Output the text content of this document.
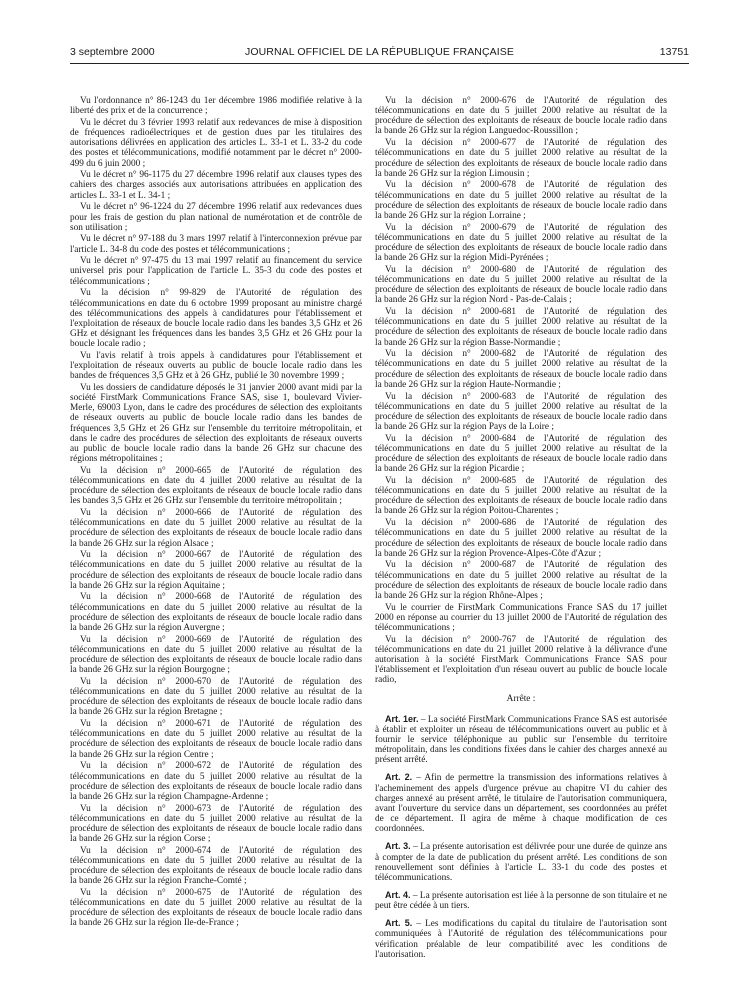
3 septembre 2000	JOURNAL OFFICIEL DE LA RÉPUBLIQUE FRANÇAISE	13751

Vu l'ordonnance n° 86-1243 du 1er décembre 1986 modifiée relative à la liberté des prix et de la concurrence ;

Vu le décret du 3 février 1993 relatif aux redevances de mise à disposition de fréquences radioélectriques et de gestion dues par les titulaires des autorisations délivrées en application des articles L. 33-1 et L. 33-2 du code des postes et télécommunications, modifié notamment par le décret n° 2000-499 du 6 juin 2000 ;

Vu le décret n° 96-1175 du 27 décembre 1996 relatif aux clauses types des cahiers des charges associés aux autorisations attribuées en application des articles L. 33-1 et L. 34-1 ;

Vu le décret n° 96-1224 du 27 décembre 1996 relatif aux redevances dues pour les frais de gestion du plan national de numérotation et de contrôle de son utilisation ;

Vu le décret n° 97-188 du 3 mars 1997 relatif à l'interconnexion prévue par l'article L. 34-8 du code des postes et télécommunications ;

Vu le décret n° 97-475 du 13 mai 1997 relatif au financement du service universel pris pour l'application de l'article L. 35-3 du code des postes et télécommunications ;

Vu la décision n° 99-829 de l'Autorité de régulation des télécommunications en date du 6 octobre 1999 proposant au ministre chargé des télécommunications des appels à candidatures pour l'établissement et l'exploitation de réseaux de boucle locale radio dans les bandes 3,5 GHz et 26 GHz et désignant les fréquences dans les bandes 3,5 GHz et 26 GHz pour la boucle locale radio ;

Vu l'avis relatif à trois appels à candidatures pour l'établissement et l'exploitation de réseaux ouverts au public de boucle locale radio dans les bandes de fréquences 3,5 GHz et à 26 GHz, publié le 30 novembre 1999 ;

Vu les dossiers de candidature déposés le 31 janvier 2000 avant midi par la société FirstMark Communications France SAS, sise 1, boulevard Vivier-Merle, 69003 Lyon, dans le cadre des procédures de sélection des exploitants de réseaux ouverts au public de boucle locale radio dans les bandes de fréquences 3,5 GHz et 26 GHz sur l'ensemble du territoire métropolitain, et dans le cadre des procédures de sélection des exploitants de réseaux ouverts au public de boucle locale radio dans la bande 26 GHz sur chacune des régions métropolitaines ;

Vu la décision n° 2000-665 de l'Autorité de régulation des télécommunications en date du 4 juillet 2000 relative au résultat de la procédure de sélection des exploitants de réseaux de boucle locale radio dans les bandes 3,5 GHz et 26 GHz sur l'ensemble du territoire métropolitain ;

Vu la décision n° 2000-666 de l'Autorité de régulation des télécommunications en date du 5 juillet 2000 relative au résultat de la procédure de sélection des exploitants de réseaux de boucle locale radio dans la bande 26 GHz sur la région Alsace ;

Vu la décision n° 2000-667 de l'Autorité de régulation des télécommunications en date du 5 juillet 2000 relative au résultat de la procédure de sélection des exploitants de réseaux de boucle locale radio dans la bande 26 GHz sur la région Aquitaine ;

Vu la décision n° 2000-668 de l'Autorité de régulation des télécommunications en date du 5 juillet 2000 relative au résultat de la procédure de sélection des exploitants de réseaux de boucle locale radio dans la bande 26 GHz sur la région Auvergne ;

Vu la décision n° 2000-669 de l'Autorité de régulation des télécommunications en date du 5 juillet 2000 relative au résultat de la procédure de sélection des exploitants de réseaux de boucle locale radio dans la bande 26 GHz sur la région Bourgogne ;

Vu la décision n° 2000-670 de l'Autorité de régulation des télécommunications en date du 5 juillet 2000 relative au résultat de la procédure de sélection des exploitants de réseaux de boucle locale radio dans la bande 26 GHz sur la région Bretagne ;

Vu la décision n° 2000-671 de l'Autorité de régulation des télécommunications en date du 5 juillet 2000 relative au résultat de la procédure de sélection des exploitants de réseaux de boucle locale radio dans la bande 26 GHz sur la région Centre ;

Vu la décision n° 2000-672 de l'Autorité de régulation des télécommunications en date du 5 juillet 2000 relative au résultat de la procédure de sélection des exploitants de réseaux de boucle locale radio dans la bande 26 GHz sur la région Champagne-Ardenne ;

Vu la décision n° 2000-673 de l'Autorité de régulation des télécommunications en date du 5 juillet 2000 relative au résultat de la procédure de sélection des exploitants de réseaux de boucle locale radio dans la bande 26 GHz sur la région Corse ;

Vu la décision n° 2000-674 de l'Autorité de régulation des télécommunications en date du 5 juillet 2000 relative au résultat de la procédure de sélection des exploitants de réseaux de boucle locale radio dans la bande 26 GHz sur la région Franche-Comté ;

Vu la décision n° 2000-675 de l'Autorité de régulation des télécommunications en date du 5 juillet 2000 relative au résultat de la procédure de sélection des exploitants de réseaux de boucle locale radio dans la bande 26 GHz sur la région Ile-de-France ;

Vu la décision n° 2000-676 de l'Autorité de régulation des télécommunications en date du 5 juillet 2000 relative au résultat de la procédure de sélection des exploitants de réseaux de boucle locale radio dans la bande 26 GHz sur la région Languedoc-Roussillon ;

Vu la décision n° 2000-677 de l'Autorité de régulation des télécommunications en date du 5 juillet 2000 relative au résultat de la procédure de sélection des exploitants de réseaux de boucle locale radio dans la bande 26 GHz sur la région Limousin ;

Vu la décision n° 2000-678 de l'Autorité de régulation des télécommunications en date du 5 juillet 2000 relative au résultat de la procédure de sélection des exploitants de réseaux de boucle locale radio dans la bande 26 GHz sur la région Lorraine ;

Vu la décision n° 2000-679 de l'Autorité de régulation des télécommunications en date du 5 juillet 2000 relative au résultat de la procédure de sélection des exploitants de réseaux de boucle locale radio dans la bande 26 GHz sur la région Midi-Pyrénées ;

Vu la décision n° 2000-680 de l'Autorité de régulation des télécommunications en date du 5 juillet 2000 relative au résultat de la procédure de sélection des exploitants de réseaux de boucle locale radio dans la bande 26 GHz sur la région Nord - Pas-de-Calais ;

Vu la décision n° 2000-681 de l'Autorité de régulation des télécommunications en date du 5 juillet 2000 relative au résultat de la procédure de sélection des exploitants de réseaux de boucle locale radio dans la bande 26 GHz sur la région Basse-Normandie ;

Vu la décision n° 2000-682 de l'Autorité de régulation des télécommunications en date du 5 juillet 2000 relative au résultat de la procédure de sélection des exploitants de réseaux de boucle locale radio dans la bande 26 GHz sur la région Haute-Normandie ;

Vu la décision n° 2000-683 de l'Autorité de régulation des télécommunications en date du 5 juillet 2000 relative au résultat de la procédure de sélection des exploitants de réseaux de boucle locale radio dans la bande 26 GHz sur la région Pays de la Loire ;

Vu la décision n° 2000-684 de l'Autorité de régulation des télécommunications en date du 5 juillet 2000 relative au résultat de la procédure de sélection des exploitants de réseaux de boucle locale radio dans la bande 26 GHz sur la région Picardie ;

Vu la décision n° 2000-685 de l'Autorité de régulation des télécommunications en date du 5 juillet 2000 relative au résultat de la procédure de sélection des exploitants de réseaux de boucle locale radio dans la bande 26 GHz sur la région Poitou-Charentes ;

Vu la décision n° 2000-686 de l'Autorité de régulation des télécommunications en date du 5 juillet 2000 relative au résultat de la procédure de sélection des exploitants de réseaux de boucle locale radio dans la bande 26 GHz sur la région Provence-Alpes-Côte d'Azur ;

Vu la décision n° 2000-687 de l'Autorité de régulation des télécommunications en date du 5 juillet 2000 relative au résultat de la procédure de sélection des exploitants de réseaux de boucle locale radio dans la bande 26 GHz sur la région Rhône-Alpes ;

Vu le courrier de FirstMark Communications France SAS du 17 juillet 2000 en réponse au courrier du 13 juillet 2000 de l'Autorité de régulation des télécommunications ;

Vu la décision n° 2000-767 de l'Autorité de régulation des télécommunications en date du 21 juillet 2000 relative à la délivrance d'une autorisation à la société FirstMark Communications France SAS pour l'établissement et l'exploitation d'un réseau ouvert au public de boucle locale radio,

Arrête :

Art. 1er. – La société FirstMark Communications France SAS est autorisée à établir et exploiter un réseau de télécommunications ouvert au public et à fournir le service téléphonique au public sur l'ensemble du territoire métropolitain, dans les conditions fixées dans le cahier des charges annexé au présent arrêté.

Art. 2. – Afin de permettre la transmission des informations relatives à l'acheminement des appels d'urgence prévue au chapitre VI du cahier des charges annexé au présent arrêté, le titulaire de l'autorisation communiquera, avant l'ouverture du service dans un département, ses coordonnées au préfet de ce département. Il agira de même à chaque modification de ces coordonnées.

Art. 3. – La présente autorisation est délivrée pour une durée de quinze ans à compter de la date de publication du présent arrêté. Les conditions de son renouvellement sont définies à l'article L. 33-1 du code des postes et télécommunications.

Art. 4. – La présente autorisation est liée à la personne de son titulaire et ne peut être cédée à un tiers.

Art. 5. – Les modifications du capital du titulaire de l'autorisation sont communiquées à l'Autorité de régulation des télécommunications pour vérification préalable de leur compatibilité avec les conditions de l'autorisation.
